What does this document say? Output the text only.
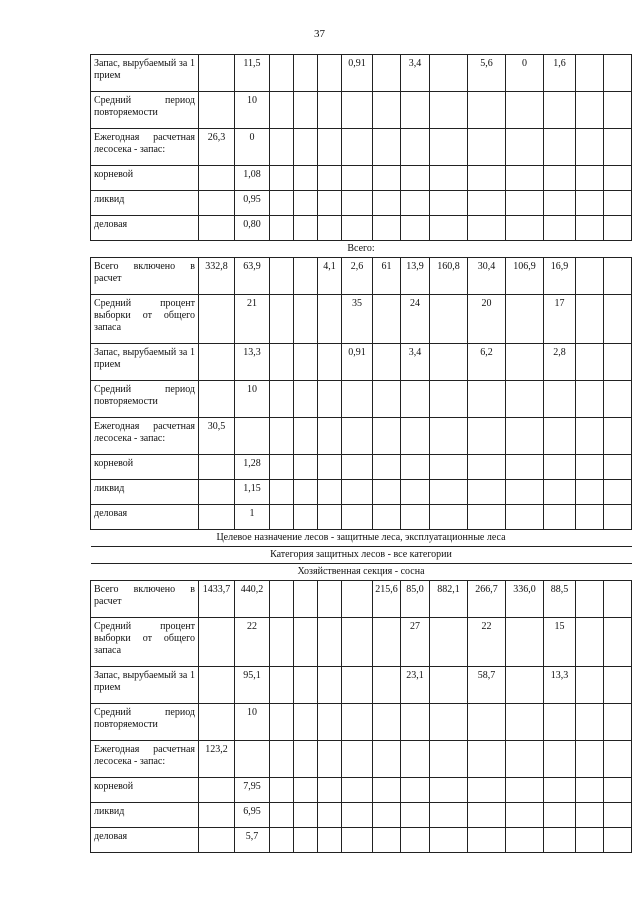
37
Запас, вырубаемый за 1 прием		11,5				0,91		3,4		5,6	0	1,6		
Средний период повторяемости		10												
Ежегодная расчетная лесосека - запас:	26,3	0												
корневой		1,08												
ликвид		0,95												
деловая		0,80												
Всего:														
Всего включено в расчет	332,8	63,9			4,1	2,6	61	13,9	160,8	30,4	106,9	16,9		
Средний процент выборки от общего запаса		21				35		24		20		17		
Запас, вырубаемый за 1 прием		13,3				0,91		3,4		6,2		2,8		
Средний период повторяемости		10												
Ежегодная расчетная лесосека - запас:	30,5													
корневой		1,28												
ликвид		1,15												
деловая		1												
Целевое назначение лесов - защитные леса, эксплуатационные леса														
Категория защитных лесов - все категории														
Хозяйственная секция - сосна														
Всего включено в расчет	1433,7	440,2					215,6	85,0	882,1	266,7	336,0	88,5		
Средний процент выборки от общего запаса		22						27		22		15		
Запас, вырубаемый за 1 прием		95,1						23,1		58,7		13,3		
Средний период повторяемости		10												
Ежегодная расчетная лесосека - запас:	123,2													
корневой		7,95												
ликвид		6,95												
деловая		5,7												
